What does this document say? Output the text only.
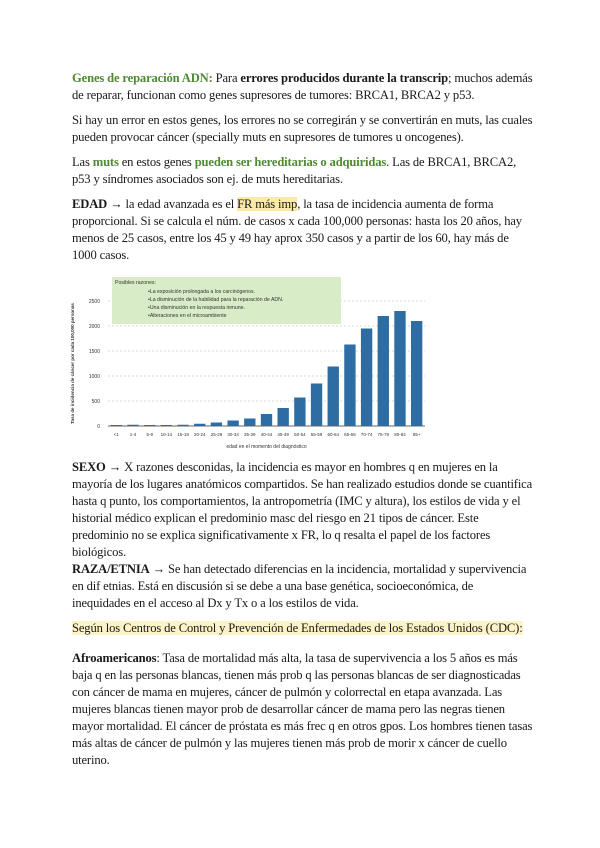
Genes de reparación ADN: Para errores producidos durante la transcrip; muchos además de reparar, funcionan como genes supresores de tumores: BRCA1, BRCA2 y p53.
Si hay un error en estos genes, los errores no se corregirán y se convertirán en muts, las cuales pueden provocar cáncer (specially muts en supresores de tumores u oncogenes).
Las muts en estos genes pueden ser hereditarias o adquiridas. Las de BRCA1, BRCA2, p53 y síndromes asociados son ej. de muts hereditarias.
EDAD → la edad avanzada es el FR más imp, la tasa de incidencia aumenta de forma proporcional. Si se calcula el núm. de casos x cada 100,000 personas: hasta los 20 años, hay menos de 25 casos, entre los 45 y 49 hay aprox 350 casos y a partir de los 60, hay más de 1000 casos.
0
500
1000
1500
2000
2500
<1 1-4 5-9 10-14 15-19 20-24 25-29 30-34 35-39 40-44 45-49 50-54 55-59 60-64 65-69 70-74 75-79 80-84 85+
edad en el momento del diagnóstico
Tasa de incidencia de cáncer por cada 100,000 personas
Posibles razones:
•La exposición prolongada a los carcinógenos.
•La disminución de la habilidad para la reparación de ADN.
•Una disminución en la respuesta inmune.
•Alteraciones en el microambiente
SEXO → X razones desconidas, la incidencia es mayor en hombres q en mujeres en la mayoría de los lugares anatómicos compartidos. Se han realizado estudios donde se cuantifica hasta q punto, los comportamientos, la antropometría (IMC y altura), los estilos de vida y el historial médico explican el predominio masc del riesgo en 21 tipos de cáncer. Este predominio no se explica significativamente x FR, lo q resalta el papel de los factores biológicos.
RAZA/ETNIA → Se han detectado diferencias en la incidencia, mortalidad y supervivencia en dif etnias. Está en discusión si se debe a una base genética, socioeconómica, de inequidades en el acceso al Dx y Tx o a los estilos de vida.
Según los Centros de Control y Prevención de Enfermedades de los Estados Unidos (CDC):
Afroamericanos: Tasa de mortalidad más alta, la tasa de supervivencia a los 5 años es más baja q en las personas blancas, tienen más prob q las personas blancas de ser diagnosticadas con cáncer de mama en mujeres, cáncer de pulmón y colorrectal en etapa avanzada. Las mujeres blancas tienen mayor prob de desarrollar cáncer de mama pero las negras tienen mayor mortalidad. El cáncer de próstata es más frec q en otros gpos. Los hombres tienen tasas más altas de cáncer de pulmón y las mujeres tienen más prob de morir x cáncer de cuello uterino.
